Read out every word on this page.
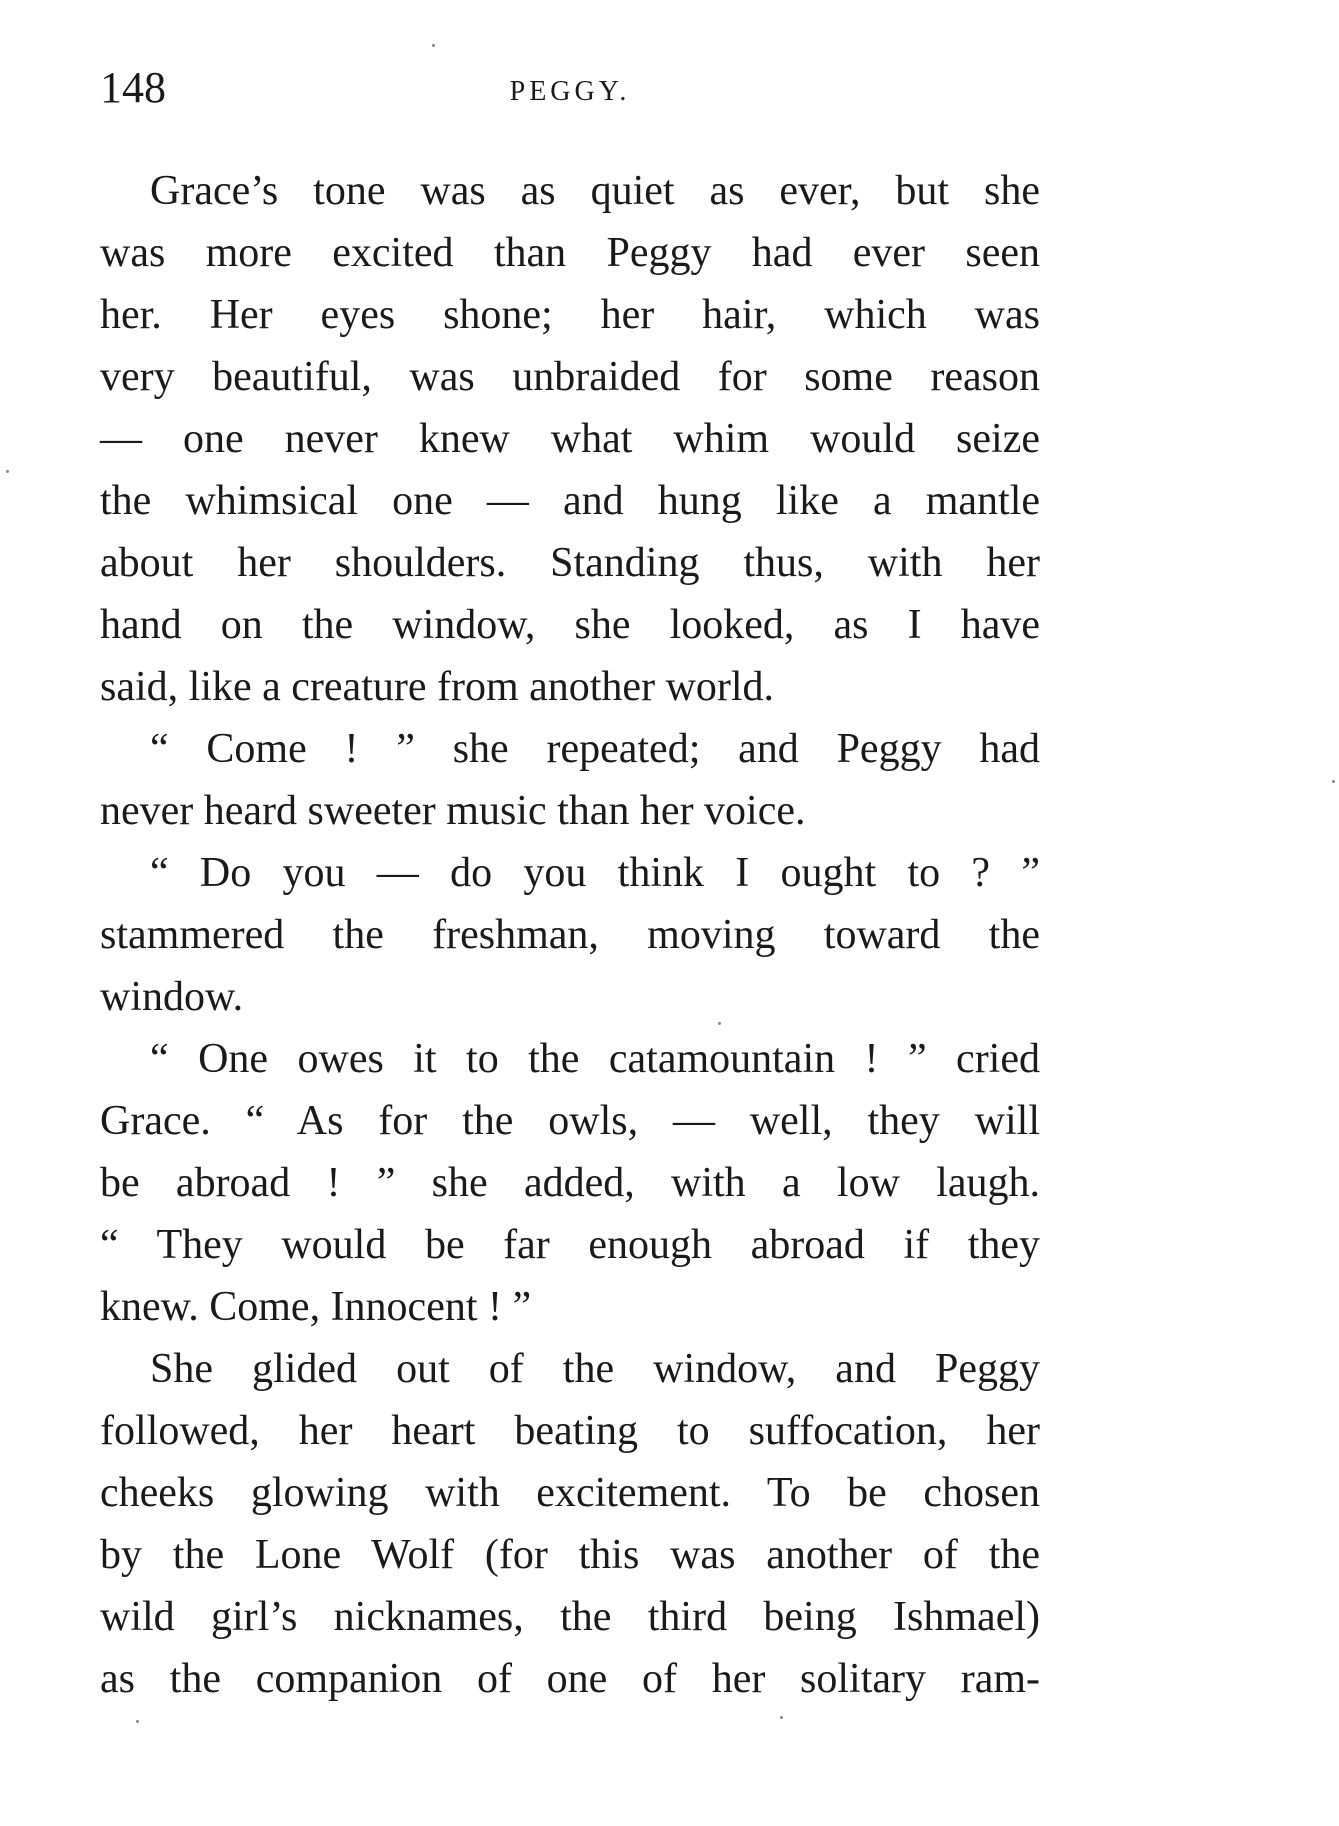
148	PEGGY.
Grace’s tone was as quiet as ever, but she
was more excited than Peggy had ever seen
her. Her eyes shone; her hair, which was
very beautiful, was unbraided for some reason
— one never knew what whim would seize
the whimsical one — and hung like a mantle
about her shoulders. Standing thus, with her
hand on the window, she looked, as I have
said, like a creature from another world.
“ Come ! ” she repeated; and Peggy had
never heard sweeter music than her voice.
“ Do you — do you think I ought to ? ”
stammered the freshman, moving toward the
window.
“ One owes it to the catamountain ! ” cried
Grace. “ As for the owls, — well, they will
be abroad ! ” she added, with a low laugh.
“ They would be far enough abroad if they
knew. Come, Innocent ! ”
She glided out of the window, and Peggy
followed, her heart beating to suffocation, her
cheeks glowing with excitement. To be chosen
by the Lone Wolf (for this was another of the
wild girl’s nicknames, the third being Ishmael)
as the companion of one of her solitary ram-
